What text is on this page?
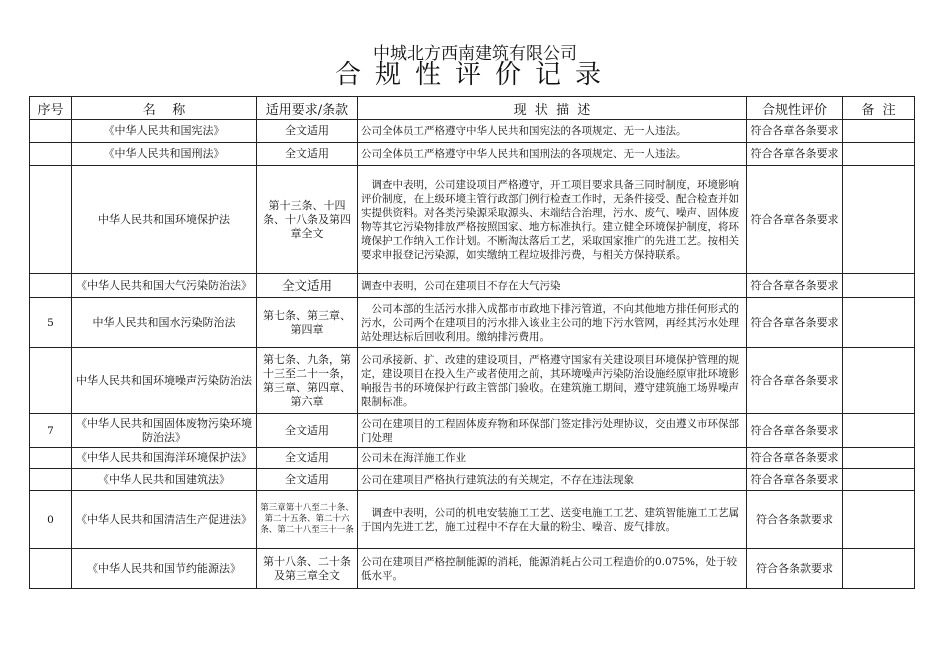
中城北方西南建筑有限公司
合规性评价记录
序号	名    称	适用要求/条款	现  状  描  述	合规性评价	备  注
	《中华人民共和国宪法》	全文适用	公司全体员工严格遵守中华人民共和国宪法的各项规定、无一人违法。	符合各章各条要求	
	《中华人民共和国刑法》	全文适用	公司全体员工严格遵守中华人民共和国刑法的各项规定、无一人违法。	符合各章各条要求	
	中华人民共和国环境保护法	第十三条、十四条、十八条及第四章全文	　调查中表明，公司建设项目严格遵守，开工项目要求具备三同时制度，环境影响评价制度，在上级环境主管行政部门例行检查工作时，无条件接受、配合检查并如实提供资料。对各类污染源采取源头、末端结合治理，污水、废气、噪声、固体废物等其它污染物排放严格按照国家、地方标准执行。建立健全环境保护制度，将环境保护工作纳入工作计划。不断淘汰落后工艺，采取国家推广的先进工艺。按相关要求申报登记污染源，如实缴纳工程垃圾排污费，与相关方保持联系。	符合各章各条要求	
	《中华人民共和国大气污染防治法》	全文适用	调查中表明，公司在建项目不存在大气污染	符合各章各条要求	
5	中华人民共和国水污染防治法	第七条、第三章、第四章	　公司本部的生活污水排入成都市市政地下排污管道，不向其他地方排任何形式的污水，公司两个在建项目的污水排入该业主公司的地下污水管网，再经其污水处理站处理达标后回收利用。缴纳排污费用。	符合各章各条要求	
	中华人民共和国环境噪声污染防治法	第七条、九条，第十三至二十一条，第三章、第四章、第六章	公司承接新、扩、改建的建设项目，严格遵守国家有关建设项目环境保护管理的规定，建设项目在投入生产或者使用之前，其环境噪声污染防治设施经原审批环境影响报告书的环境保护行政主管部门验收。在建筑施工期间，遵守建筑施工场界噪声限制标准。	符合各章各条要求	
7	《中华人民共和国固体废物污染环境防治法》	全文适用	公司在建项目的工程固体废弃物和环保部门签定排污处理协议，交由遵义市环保部门处理	符合各章各条要求	
	《中华人民共和国海洋环境保护法》	全文适用	公司未在海洋施工作业	符合各章各条要求	
	《中华人民共和国建筑法》	全文适用	公司在建项目严格执行建筑法的有关规定，不存在违法现象	符合各章各条要求	
0	《中华人民共和国清洁生产促进法》	第三章第十八至二十条、第二十五条、第二十六条、第二十八至三十一条	　调查中表明，公司的机电安装施工工艺、送变电施工工艺、建筑智能施工工艺属于国内先进工艺，施工过程中不存在大量的粉尘、噪音、废气排放。	符合各条款要求	
	《中华人民共和国节约能源法》	第十八条、二十条及第三章全文	公司在建项目严格控制能源的消耗，能源消耗占公司工程造价的0.075%，处于较低水平。	符合各条款要求	
